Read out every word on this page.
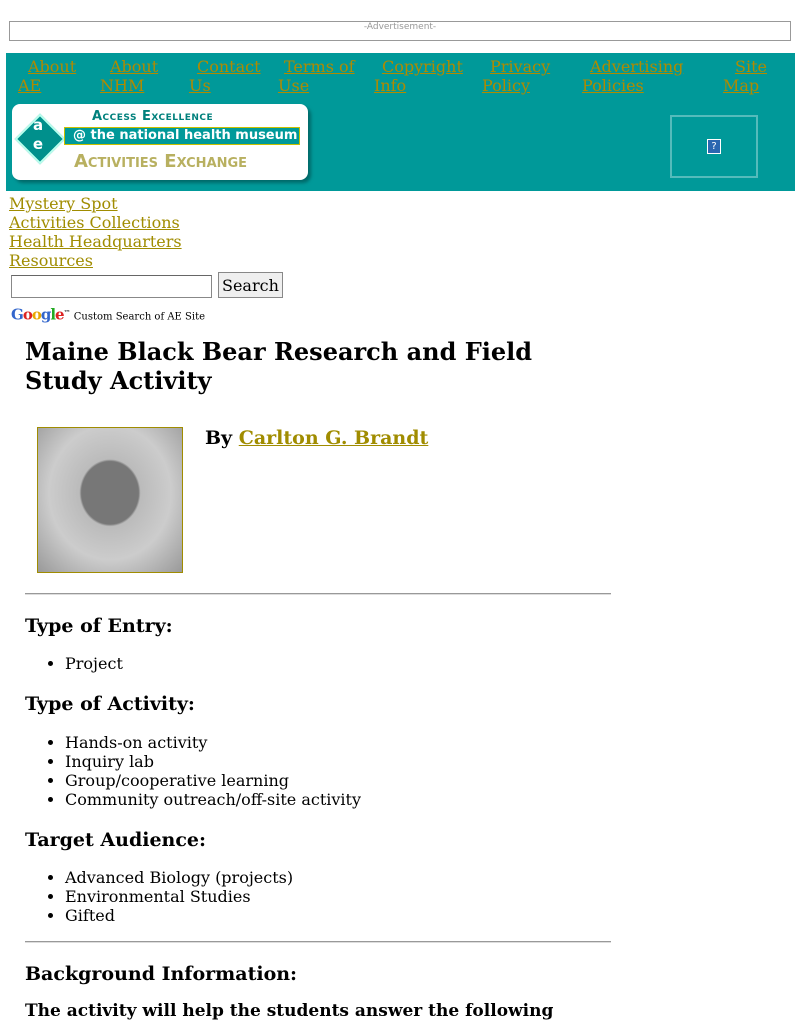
-Advertisement-
About
AE
About
NHM
Contact
Us
Terms of
Use
Copyright
Info
Privacy
Policy
Advertising
Policies
Site
Map
ae
Access Excellence
@ the national health museum
Activities Exchange
?
Mystery Spot
Activities Collections
Health Headquarters
Resources
Search
Google™ Custom Search of AE Site
Maine Black Bear Research and Field Study Activity
By Carlton G. Brandt
Type of Entry:
• Project
Type of Activity:
• Hands-on activity
• Inquiry lab
• Group/cooperative learning
• Community outreach/off-site activity
Target Audience:
• Advanced Biology (projects)
• Environmental Studies
• Gifted
Background Information:
The activity will help the students answer the following
